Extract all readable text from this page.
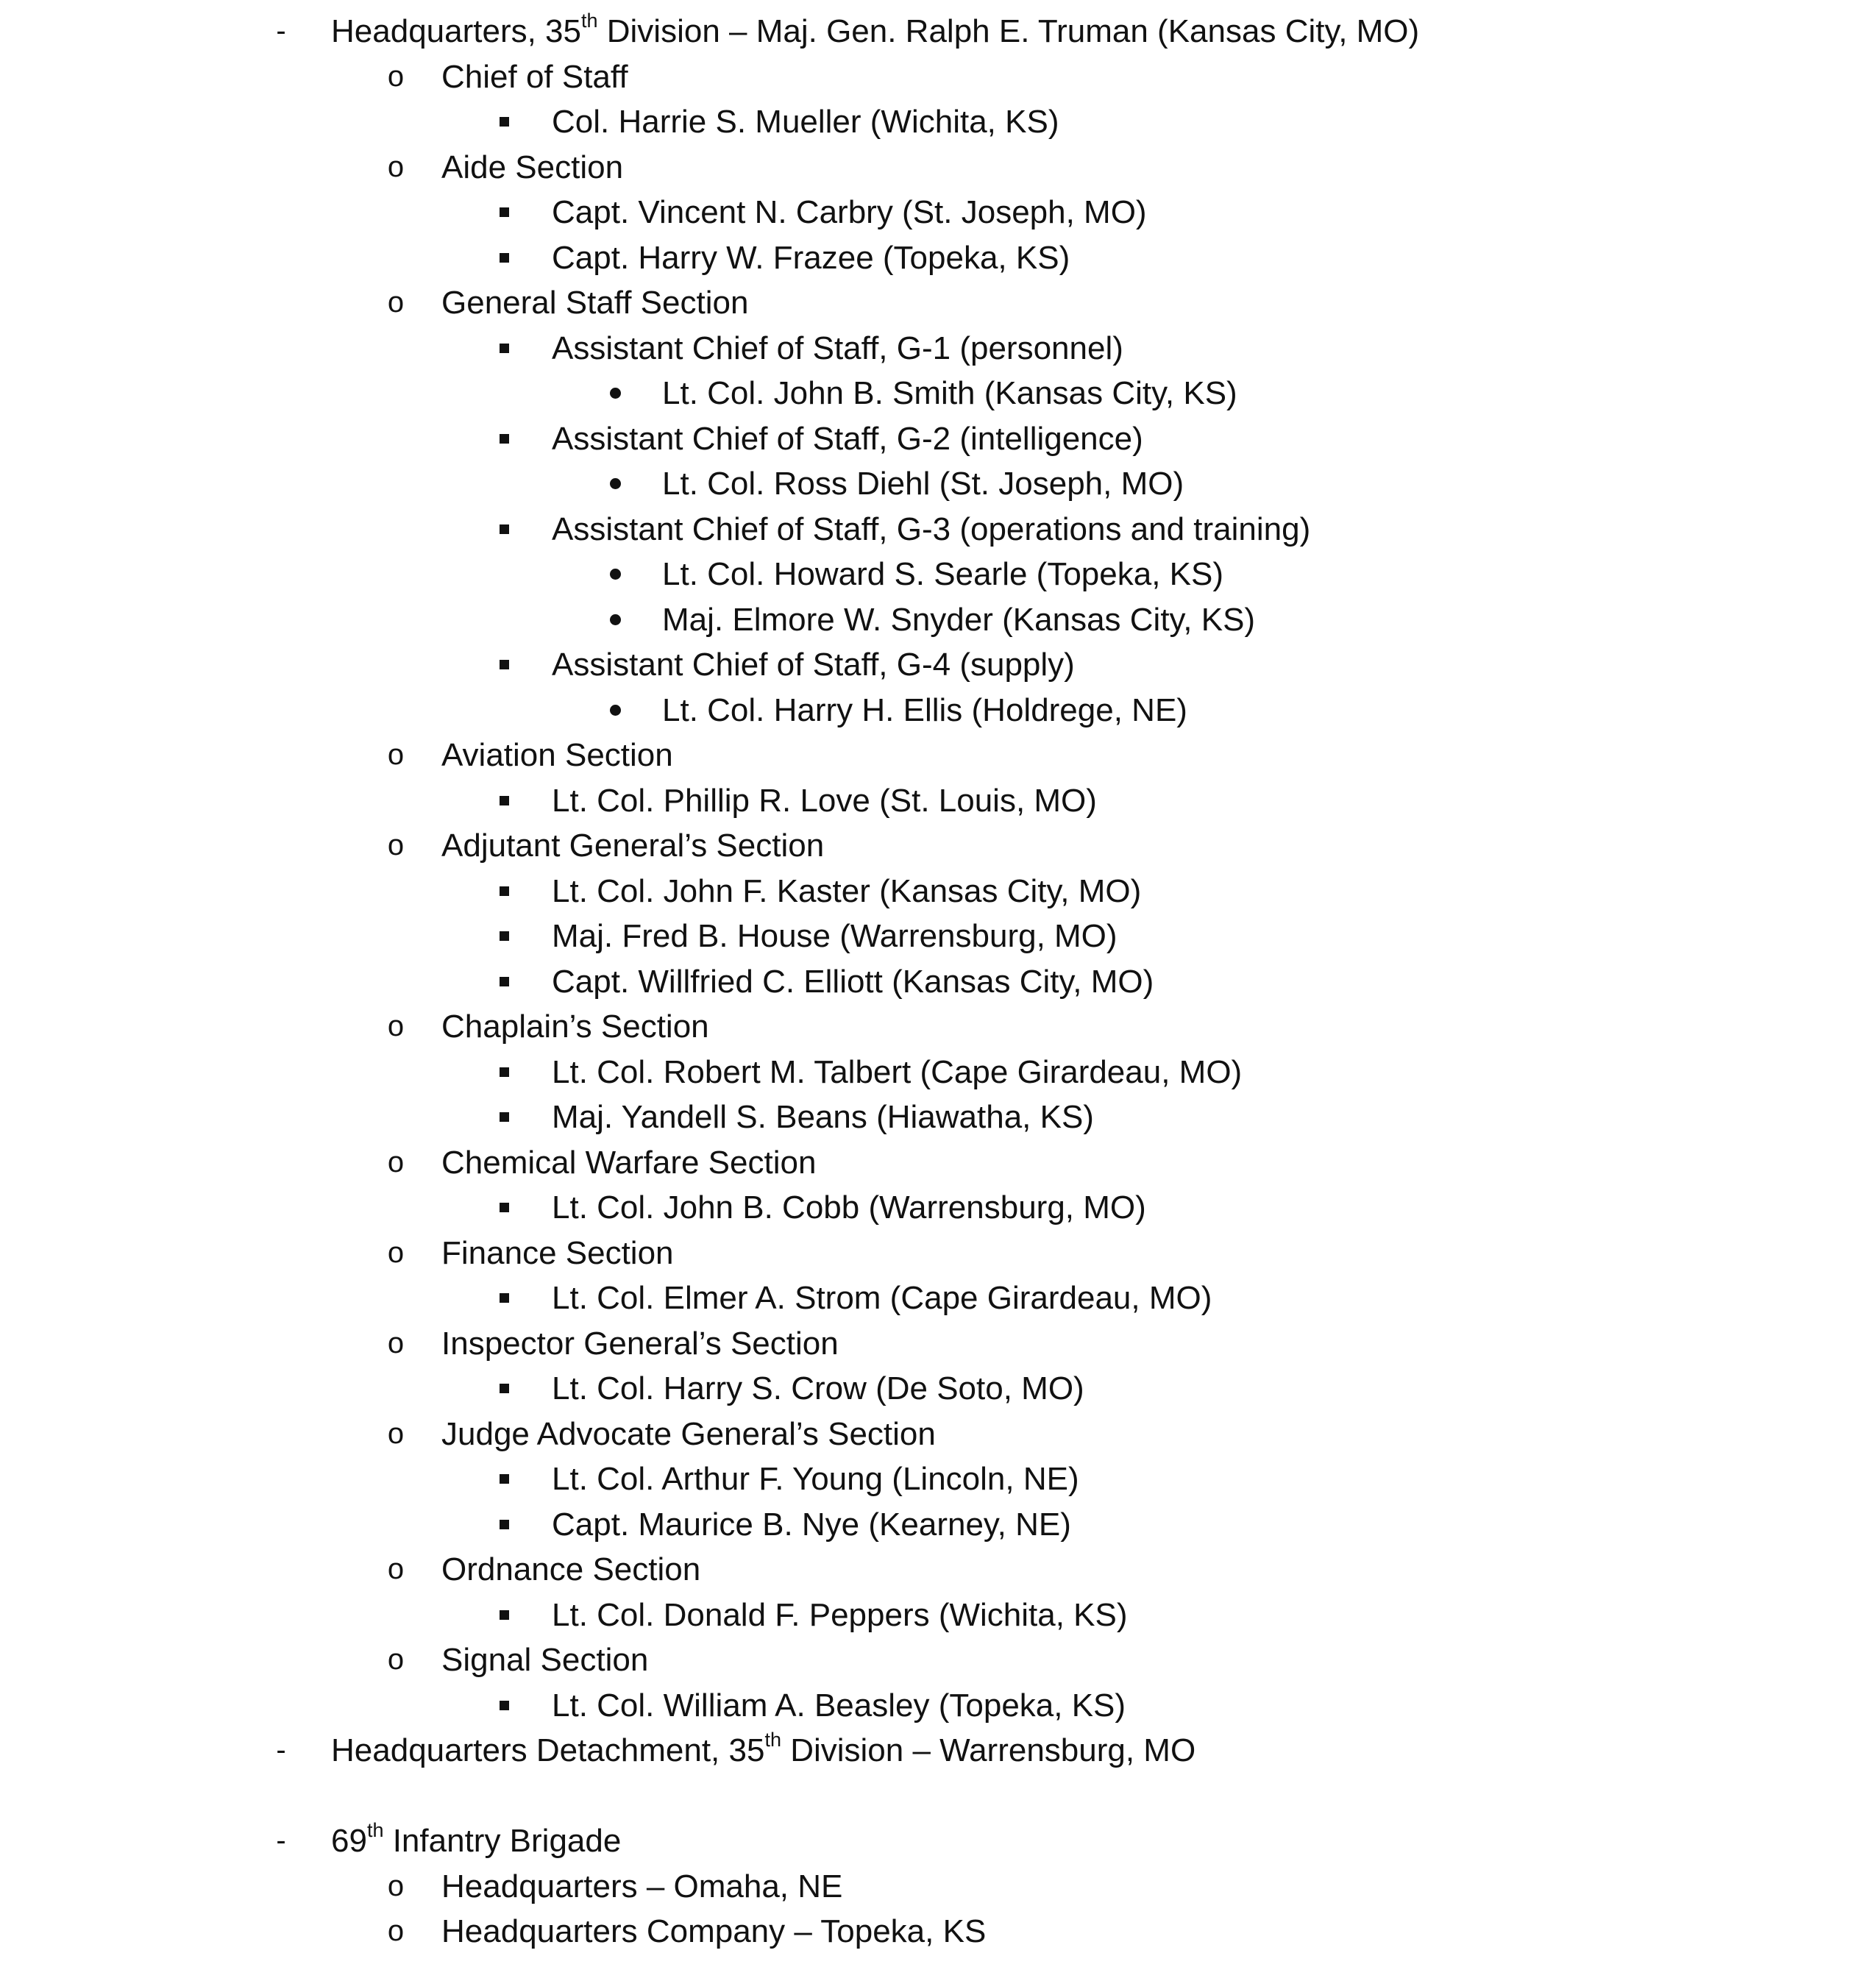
-	Headquarters, 35th Division – Maj. Gen. Ralph E. Truman (Kansas City, MO)
o Chief of Staff
Col. Harrie S. Mueller (Wichita, KS)
o Aide Section
Capt. Vincent N. Carbry (St. Joseph, MO)
Capt. Harry W. Frazee (Topeka, KS)
o General Staff Section
Assistant Chief of Staff, G-1 (personnel)
Lt. Col. John B. Smith (Kansas City, KS)
Assistant Chief of Staff, G-2 (intelligence)
Lt. Col. Ross Diehl (St. Joseph, MO)
Assistant Chief of Staff, G-3 (operations and training)
Lt. Col. Howard S. Searle (Topeka, KS)
Maj. Elmore W. Snyder (Kansas City, KS)
Assistant Chief of Staff, G-4 (supply)
Lt. Col. Harry H. Ellis (Holdrege, NE)
o Aviation Section
Lt. Col. Phillip R. Love (St. Louis, MO)
o Adjutant General’s Section
Lt. Col. John F. Kaster (Kansas City, MO)
Maj. Fred B. House (Warrensburg, MO)
Capt. Willfried C. Elliott (Kansas City, MO)
o Chaplain’s Section
Lt. Col. Robert M. Talbert (Cape Girardeau, MO)
Maj. Yandell S. Beans (Hiawatha, KS)
o Chemical Warfare Section
Lt. Col. John B. Cobb (Warrensburg, MO)
o Finance Section
Lt. Col. Elmer A. Strom (Cape Girardeau, MO)
o Inspector General’s Section
Lt. Col. Harry S. Crow (De Soto, MO)
o Judge Advocate General’s Section
Lt. Col. Arthur F. Young (Lincoln, NE)
Capt. Maurice B. Nye (Kearney, NE)
o Ordnance Section
Lt. Col. Donald F. Peppers (Wichita, KS)
o Signal Section
Lt. Col. William A. Beasley (Topeka, KS)
-	Headquarters Detachment, 35th Division – Warrensburg, MO
-	69th Infantry Brigade
o Headquarters – Omaha, NE
o Headquarters Company – Topeka, KS
